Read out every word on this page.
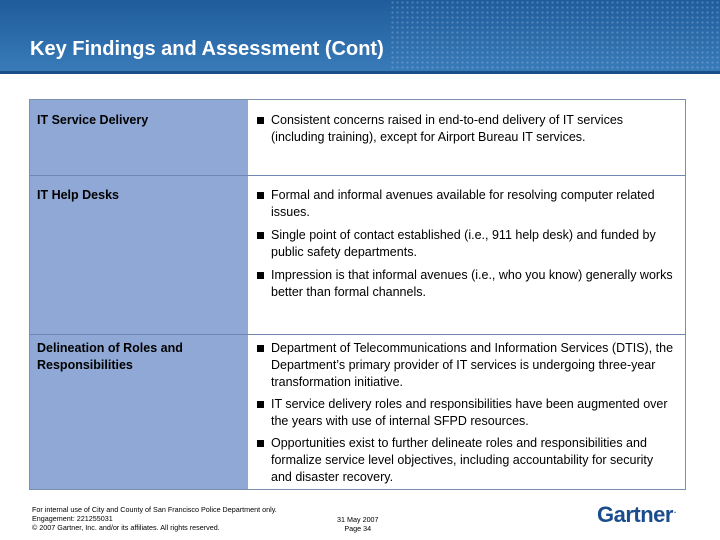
Key Findings and Assessment (Cont)
IT Service Delivery	Consistent concerns raised in end-to-end delivery of IT services (including training), except for Airport Bureau IT services.
IT Help Desks	Formal and informal avenues available for resolving computer related issues.
Single point of contact established (i.e., 911 help desk) and funded by public safety departments.
Impression is that informal avenues (i.e., who you know) generally works better than formal channels.
Delineation of Roles and Responsibilities
Department of Telecommunications and Information Services (DTIS), the Department’s primary provider of IT services is undergoing three-year transformation initiative.
IT service delivery roles and responsibilities have been augmented over the years with use of internal SFPD resources.
Opportunities exist to further delineate roles and responsibilities and formalize service level objectives, including accountability for security and disaster recovery.
For internal use of City and County of San Francisco Police Department only.
Engagement: 221255031
© 2007 Gartner, Inc. and/or its affiliates. All rights reserved.
31 May 2007
Page 34
Gartner.
